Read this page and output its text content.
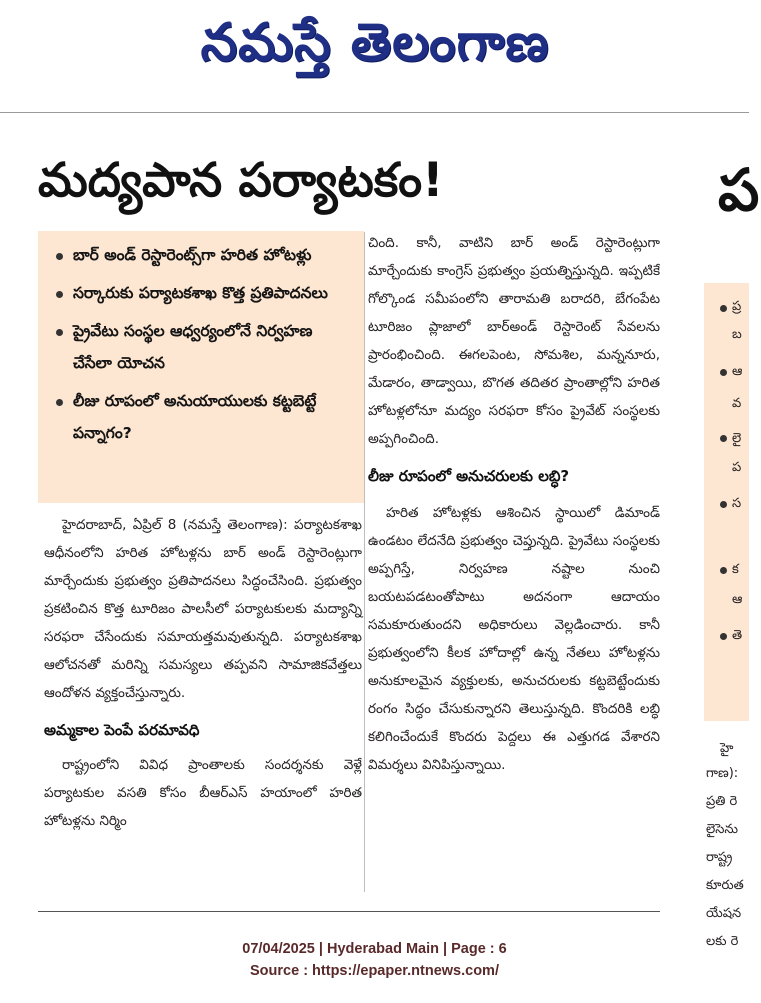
నమస్తే తెలంగాణ
మద్యపాన పర్యాటకం!	ప
బార్ అండ్ రెస్టారెంట్స్‌గా హరిత హోటళ్లు
సర్కారుకు పర్యాటకశాఖ కొత్త ప్రతిపాదనలు
ప్రైవేటు సంస్థల ఆధ్వర్యంలోనే నిర్వహణ చేసేలా యోచన
లీజు రూపంలో అనుయాయులకు కట్టబెట్టే పన్నాగం?

హైదరాబాద్, ఏప్రిల్ 8 (నమస్తే తెలంగాణ): పర్యాటకశాఖ ఆధీనంలోని హరిత హోటళ్లను బార్ అండ్ రెస్టారెంట్లుగా మార్చేందుకు ప్రభుత్వం ప్రతిపాదనలు సిద్ధంచేసింది. ప్రభుత్వం ప్రకటించిన కొత్త టూరిజం పాలసీలో పర్యాటకులకు మద్యాన్ని సరఫరా చేసేందుకు సమాయత్తమవుతున్నది. పర్యాటకశాఖ ఆలోచనతో మరిన్ని సమస్యలు తప్పవని సామాజికవేత్తలు ఆందోళన వ్యక్తంచేస్తున్నారు.

అమ్మకాల పెంపే పరమావధి

రాష్ట్రంలోని వివిధ ప్రాంతాలకు సందర్శనకు వెళ్లే పర్యాటకుల వసతి కోసం బీఆర్ఎస్ హయాంలో హరిత హోటళ్లను నిర్మిం

చింది. కానీ, వాటిని బార్ అండ్ రెస్టారెంట్లుగా మార్చేందుకు కాంగ్రెస్ ప్రభుత్వం ప్రయత్నిస్తున్నది. ఇప్పటికే గోల్కొండ సమీపంలోని తారామతి బరాదరి, బేగంపేట టూరిజం ప్లాజాలో బార్‌అండ్ రెస్టారెంట్ సేవలను ప్రారంభించింది. ఈగలపెంట, సోమశిల, మన్ననూరు, మేడారం, తాడ్వాయి, బొగత తదితర ప్రాంతాల్లోని హరిత హోటళ్లలోనూ మద్యం సరఫరా కోసం ప్రైవేట్ సంస్థలకు అప్పగించింది.

లీజు రూపంలో అనుచరులకు లబ్ధి?

హరిత హోటళ్లకు ఆశించిన స్థాయిలో డిమాండ్ ఉండటం లేదనేది ప్రభుత్వం చెప్తున్నది. ప్రైవేటు సంస్థలకు అప్పగిస్తే, నిర్వహణ నష్టాల నుంచి బయటపడటంతోపాటు అదనంగా ఆదాయం సమకూరుతుందని అధికారులు వెల్లడించారు. కానీ ప్రభుత్వంలోని కీలక హోదాల్లో ఉన్న నేతలు హోటళ్లను అనుకూలమైన వ్యక్తులకు, అనుచరులకు కట్టబెట్టేందుకు రంగం సిద్ధం చేసుకున్నారని తెలుస్తున్నది. కొందరికి లబ్ధి కలిగించేందుకే కొందరు పెద్దలు ఈ ఎత్తుగడ వేశారని విమర్శలు వినిపిస్తున్నాయి.

ప్ర
బ
ఆ
వ
లై
ప
స
క
ఆ
తె
హై
గాణ):
ప్రతి రె
లైసెను
రాష్ట్ర
కూరుత
యేషన
లకు రె
07/04/2025 | Hyderabad Main | Page : 6
Source : https://epaper.ntnews.com/
